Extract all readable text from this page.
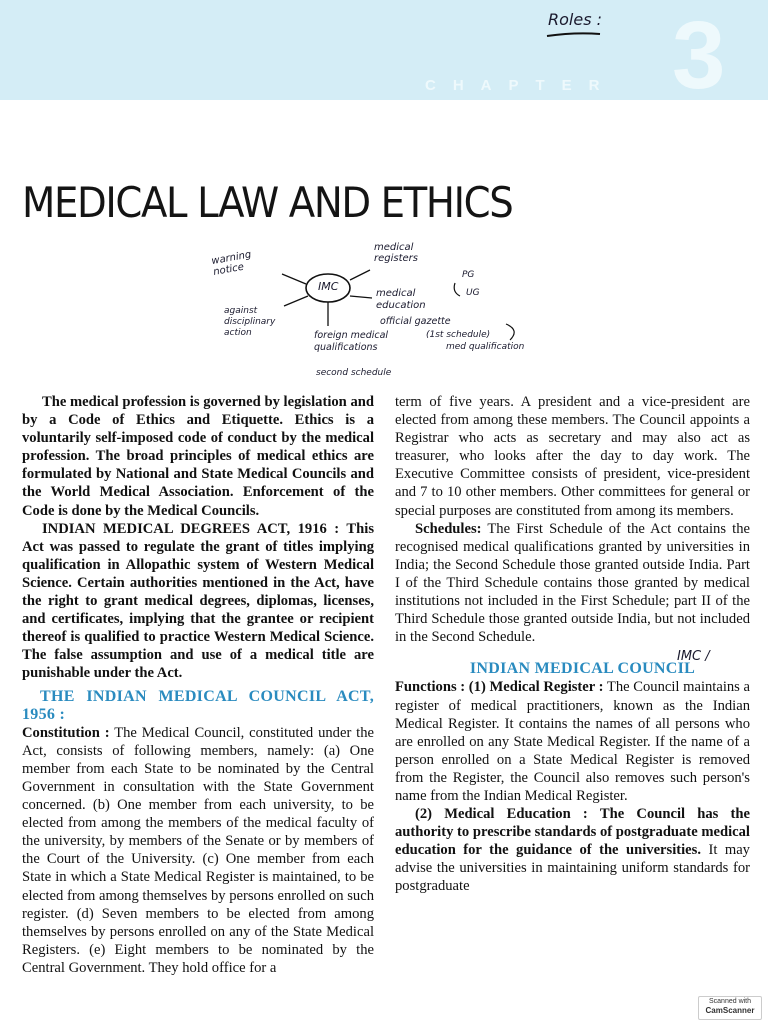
CHAPTER 3
Roles :
MEDICAL LAW AND ETHICS
IMC
warning notice
medical registers
medical education
PG
UG
against disciplinary action	foreign medical qualifications
official gazette
(1st schedule)
med qualification
second schedule

The medical profession is governed by legislation and by a Code of Ethics and Etiquette. Ethics is a voluntarily self-imposed code of conduct by the medical profession. The broad principles of medical ethics are formulated by National and State Medical Councils and the World Medical Association. Enforcement of the Code is done by the Medical Councils.

INDIAN MEDICAL DEGREES ACT, 1916 : This Act was passed to regulate the grant of titles implying qualification in Allopathic system of Western Medical Science. Certain authorities mentioned in the Act, have the right to grant medical degrees, diplomas, licenses, and certificates, implying that the grantee or recipient thereof is qualified to practice Western Medical Science. The false assumption and use of a medical title are punishable under the Act.

THE INDIAN MEDICAL COUNCIL ACT, 1956 :

Constitution : The Medical Council, constituted under the Act, consists of following members, namely: (a) One member from each State to be nominated by the Central Government in consultation with the State Government concerned. (b) One member from each university, to be elected from among the members of the medical faculty of the university, by members of the Senate or by members of the Court of the University. (c) One member from each State in which a State Medical Register is maintained, to be elected from among themselves by persons enrolled on such register. (d) Seven members to be elected from among themselves by persons enrolled on any of the State Medical Registers. (e) Eight members to be nominated by the Central Government. They hold office for a

term of five years. A president and a vice-president are elected from among these members. The Council appoints a Registrar who acts as secretary and may also act as treasurer, who looks after the day to day work. The Executive Committee consists of president, vice-president and 7 to 10 other members. Other committees for general or special purposes are constituted from among its members.

Schedules: The First Schedule of the Act contains the recognised medical qualifications granted by universities in India; the Second Schedule those granted outside India. Part I of the Third Schedule contains those granted by medical institutions not included in the First Schedule; part II of the Third Schedule those granted outside India, but not included in the Second Schedule.

IMC /

INDIAN MEDICAL COUNCIL

Functions : (1) Medical Register : The Council maintains a register of medical practitioners, known as the Indian Medical Register. It contains the names of all persons who are enrolled on any State Medical Register. If the name of a person enrolled on a State Medical Register is removed from the Register, the Council also removes such person's name from the Indian Medical Register.

(2) Medical Education : The Council has the authority to prescribe standards of postgraduate medical education for the guidance of the universities. It may advise the universities in maintaining uniform standards for postgraduate

Scanned with
CamScanner
